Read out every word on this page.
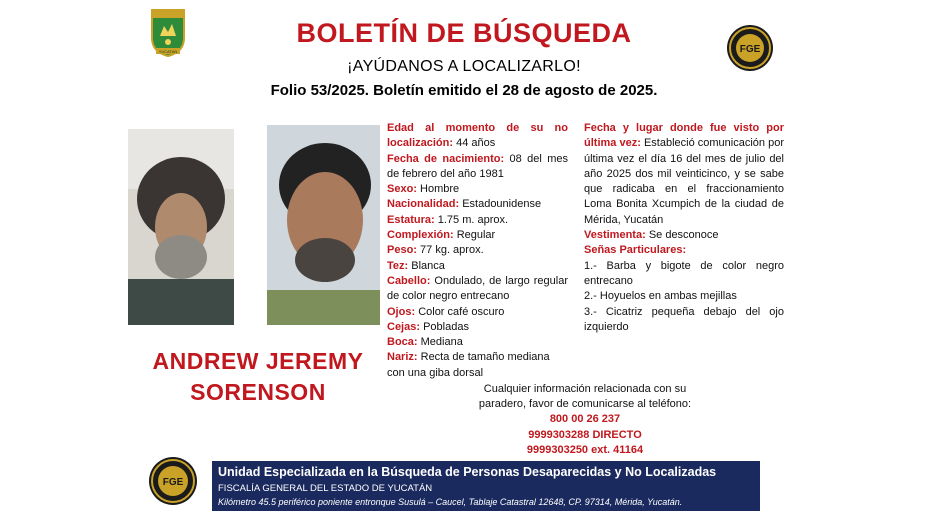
YUCATAN	FGE
BOLETÍN DE BÚSQUEDA
¡AYÚDANOS A LOCALIZARLO!
Folio 53/2025. Boletín emitido el 28 de agosto de 2025.
ANDREW JEREMY
SORENSON
Edad al momento de su no localización: 44 años
Fecha de nacimiento: 08 del mes de febrero del año 1981
Sexo: Hombre
Nacionalidad: Estadounidense
Estatura: 1.75 m. aprox.
Complexión: Regular
Peso: 77 kg. aprox.
Tez: Blanca
Cabello: Ondulado, de largo regular de color negro entrecano
Ojos: Color café oscuro
Cejas: Pobladas
Boca: Mediana
Nariz: Recta de tamaño mediana con una giba dorsal
Fecha y lugar donde fue visto por última vez: Estableció comunicación por última vez el día 16 del mes de julio del año 2025 dos mil veinticinco, y se sabe que radicaba en el fraccionamiento Loma Bonita Xcumpich de la ciudad de Mérida, Yucatán
Vestimenta: Se desconoce
Señas Particulares:
1.- Barba y bigote de color negro entrecano
2.- Hoyuelos en ambas mejillas
3.- Cicatriz pequeña debajo del ojo izquierdo
Cualquier información relacionada con su
paradero, favor de comunicarse al teléfono:
800 00 26 237
9999303288 DIRECTO
9999303250 ext. 41164
FGE
Unidad Especializada en la Búsqueda de Personas Desaparecidas y No Localizadas
FISCALÍA GENERAL DEL ESTADO DE YUCATÁN
Kilómetro 45.5 periférico poniente entronque Susulá – Caucel, Tablaje Catastral 12648, CP. 97314, Mérida, Yucatán.
